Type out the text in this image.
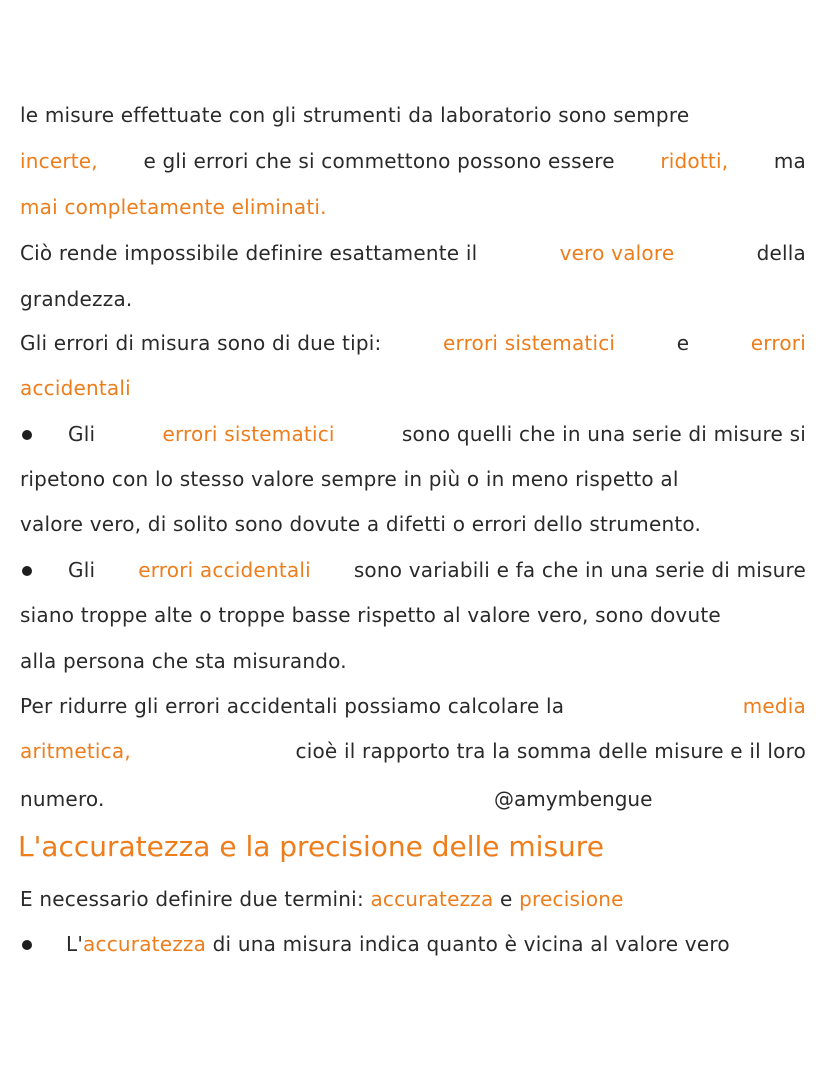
le misure effettuate con gli strumenti da laboratorio sono sempre
incerte, e gli errori che si commettono possono essere ridotti, ma
mai completamente eliminati.
Ciò rende impossibile definire esattamente il	vero valore	della
grandezza.
Gli errori di misura sono di due tipi:	errori sistematici	e	errori
accidentali
Gli	errori sistematici	sono quelli che in una serie di misure si
ripetono con lo stesso valore sempre in più o in meno rispetto al
valore vero, di solito sono dovute a difetti o errori dello strumento.
Gli errori accidentali sono variabili e fa che in una serie di misure
siano troppe alte o troppe basse rispetto al valore vero, sono dovute
alla persona che sta misurando.
Per ridurre gli errori accidentali possiamo calcolare la	media
aritmetica,	cioè il rapporto tra la somma delle misure e il loro
numero.	@amymbengue
L'accuratezza e la precisione delle misure
E necessario definire due termini: accuratezza e precisione
L'accuratezza di una misura indica quanto è vicina al valore vero
